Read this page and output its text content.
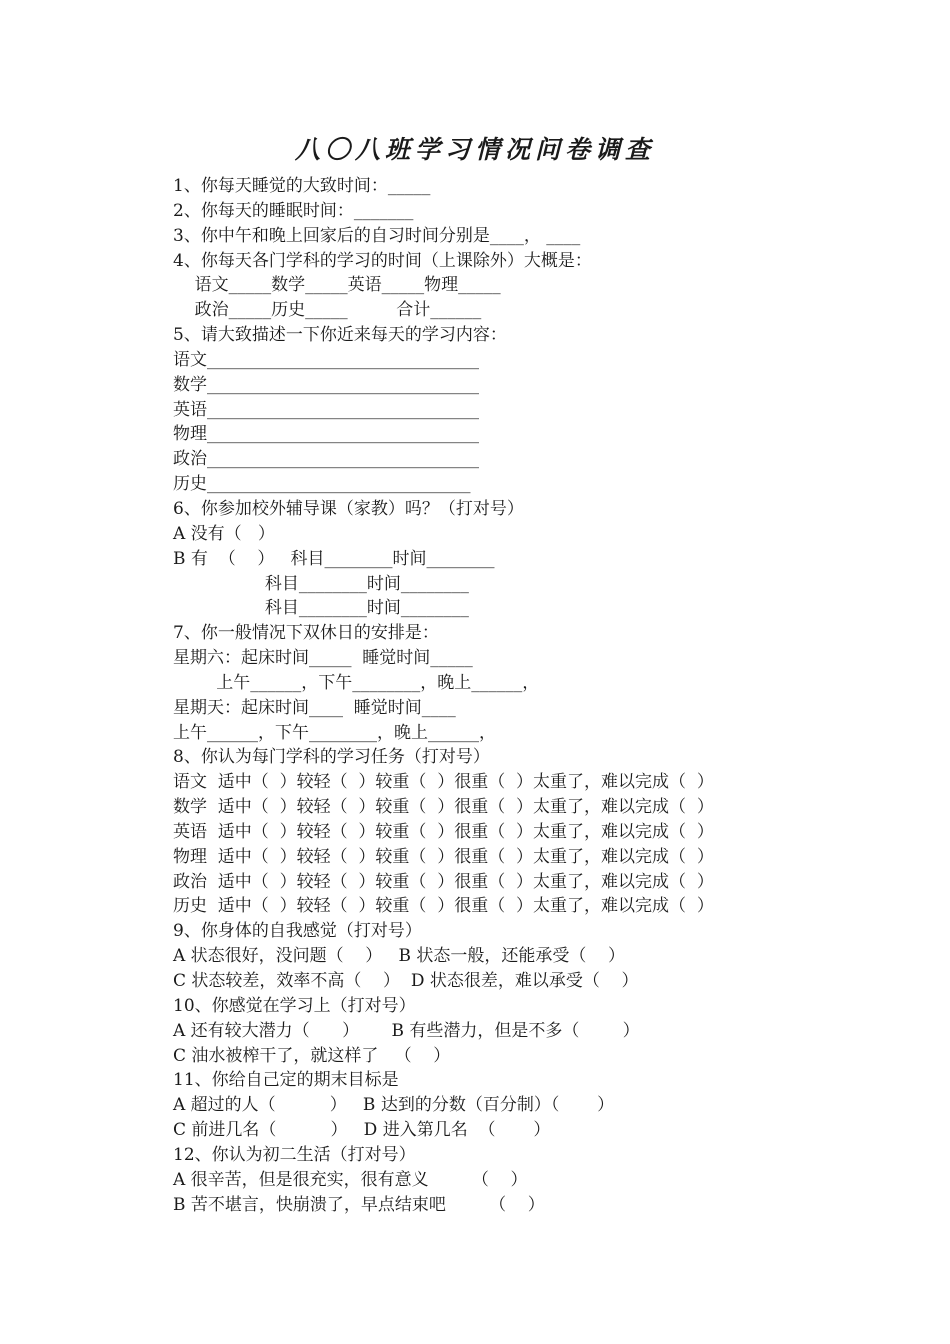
八〇八班学习情况问卷调查
1、你每天睡觉的大致时间：_____
2、你每天的睡眠时间：_______
3、你中午和晚上回家后的自习时间分别是____， ____
4、你每天各门学科的学习的时间（上课除外）大概是：
语文_____数学_____英语_____物理_____
政治_____历史_____         合计______
5、请大致描述一下你近来每天的学习内容：
语文________________________________
数学________________________________
英语________________________________
物理________________________________
政治________________________________
历史_______________________________
6、你参加校外辅导课（家教）吗？（打对号）
A 没有（   ）
B 有  （    ）   科目________时间________
科目________时间________
科目________时间________
7、你一般情况下双休日的安排是：
星期六：起床时间_____  睡觉时间_____
上午______，下午________，晚上______，
星期天：起床时间____  睡觉时间____
上午______，下午________，晚上______，
8、你认为每门学科的学习任务（打对号）
语文  适中（  ）较轻（  ）较重（  ）很重（  ）太重了，难以完成（  ）
数学  适中（  ）较轻（  ）较重（  ）很重（  ）太重了，难以完成（  ）
英语  适中（  ）较轻（  ）较重（  ）很重（  ）太重了，难以完成（  ）
物理  适中（  ）较轻（  ）较重（  ）很重（  ）太重了，难以完成（  ）
政治  适中（  ）较轻（  ）较重（  ）很重（  ）太重了，难以完成（  ）
历史  适中（  ）较轻（  ）较重（  ）很重（  ）太重了，难以完成（  ）
9、你身体的自我感觉（打对号）
A 状态很好，没问题（    ）   B 状态一般，还能承受（    ）
C 状态较差，效率不高（    ）  D 状态很差，难以承受（    ）
10、你感觉在学习上（打对号）
A 还有较大潜力（      ）      B 有些潜力，但是不多（        ）
C 油水被榨干了，就这样了   （    ）
11、你给自己定的期末目标是
A 超过的人（          ）   B 达到的分数（百分制）（       ）
C 前进几名（          ）   D 进入第几名  （       ）
12、你认为初二生活（打对号）
A 很辛苦，但是很充实，很有意义        （    ）
B 苦不堪言，快崩溃了，早点结束吧        （    ）
